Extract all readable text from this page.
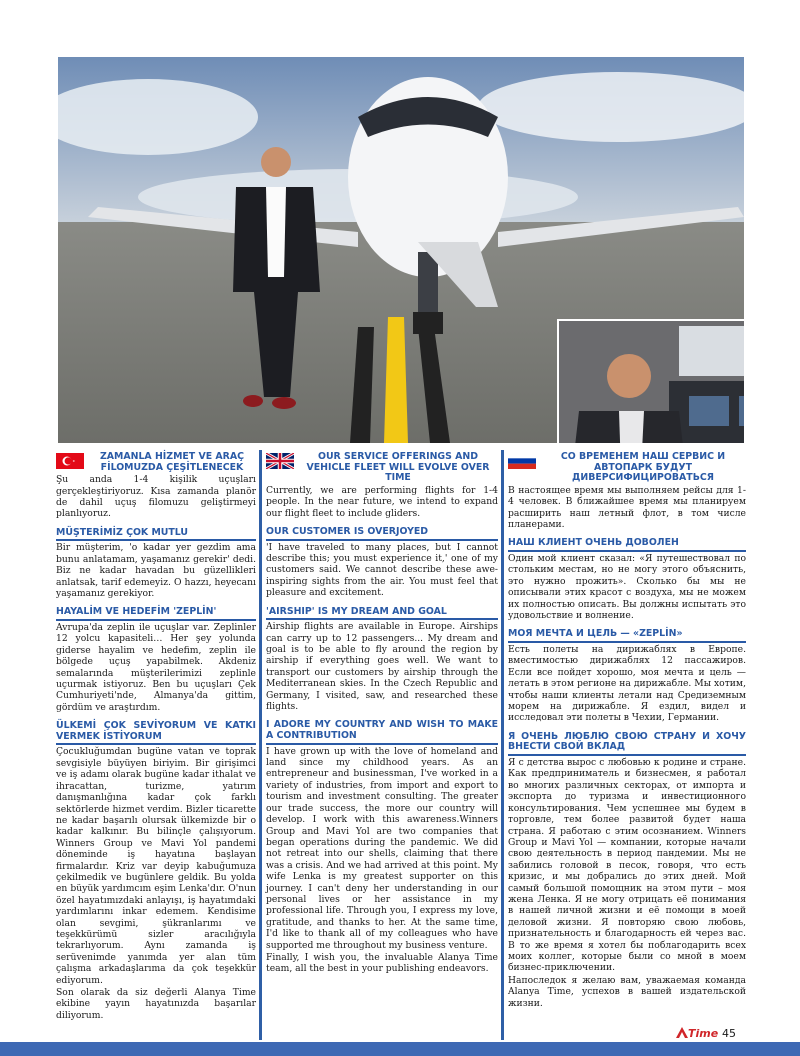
ZAMANLA HİZMET VE ARAÇ FİLOMUZDA ÇEŞİTLENECEK

Şu anda 1-4 kişilik uçuşları gerçekleştiriyoruz. Kısa zamanda planör de dahil uçuş filomuzu geliştirmeyi planlıyoruz.

MÜŞTERİMİZ ÇOK MUTLU

Bir müşterim, 'o kadar yer gezdim ama bunu anlatamam, yaşamanız gerekir' dedi. Biz ne kadar havadan bu güzellikleri anlatsak, tarif edemeyiz. O hazzı, heyecanı yaşamanız gerekiyor.

HAYALİM VE HEDEFİM 'ZEPLİN'

Avrupa'da zeplin ile uçuşlar var. Zeplinler 12 yolcu kapasiteli… Her şey yolunda giderse hayalim ve hedefim, zeplin ile bölgede uçuş yapabilmek. Akdeniz semalarında müşterilerimizi zeplinle uçurmak istiyoruz. Ben bu uçuşları Çek Cumhuriyeti'nde, Almanya'da gittim, gördüm ve araştırdım.

ÜLKEMİ ÇOK SEVİYORUM VE KATKI VERMEK İSTİYORUM

Çocukluğumdan bugüne vatan ve toprak sevgisiyle büyüyen biriyim. Bir girişimci ve iş adamı olarak bugüne kadar ithalat ve ihracattan, turizme, yatırım danışmanlığına kadar çok farklı sektörlerde hizmet verdim. Bizler ticarette ne kadar başarılı olursak ülkemizde bir o kadar kalkınır. Bu bilinçle çalışıyorum. Winners Group ve Mavi Yol pandemi döneminde iş hayatına başlayan firmalardır. Kriz var deyip kabuğumuza çekilmedik ve bugünlere geldik. Bu yolda en büyük yardımcım eşim Lenka'dır. O'nun özel hayatımızdaki anlayışı, iş hayatımdaki yardımlarını inkar edemem. Kendisime olan sevgimi, şükranlarımı ve teşekkürümü sizler aracılığıyla tekrarlıyorum. Aynı zamanda iş serüvenimde yanımda yer alan tüm çalışma arkadaşlarıma da çok teşekkür ediyorum.

Son olarak da siz değerli Alanya Time ekibine yayın hayatınızda başarılar diliyorum.

OUR SERVICE OFFERINGS AND VEHICLE FLEET WILL EVOLVE OVER TIME

Currently, we are performing flights for 1-4 people. In the near future, we intend to expand our flight fleet to include gliders.

OUR CUSTOMER IS OVERJOYED

'I have traveled to many places, but I cannot describe this; you must experience it,' one of my customers said. We cannot describe these awe-inspiring sights from the air. You must feel that pleasure and excitement.

'AIRSHIP' IS MY DREAM AND GOAL

Airship flights are available in Europe. Airships can carry up to 12 passengers... My dream and goal is to be able to fly around the region by airship if everything goes well. We want to transport our customers by airship through the Mediterranean skies. In the Czech Republic and Germany, I visited, saw, and researched these flights.

I ADORE MY COUNTRY AND WISH TO MAKE A CONTRIBUTION

I have grown up with the love of homeland and land since my childhood years. As an entrepreneur and businessman, I've worked in a variety of industries, from import and export to tourism and investment consulting. The greater our trade success, the more our country will develop. I work with this awareness.Winners Group and Mavi Yol are two companies that began operations during the pandemic. We did not retreat into our shells, claiming that there was a crisis. And we had arrived at this point. My wife Lenka is my greatest supporter on this journey. I can't deny her understanding in our personal lives or her assistance in my professional life. Through you, I express my love, gratitude, and thanks to her. At the same time, I'd like to thank all of my colleagues who have supported me throughout my business venture.

Finally, I wish you, the invaluable Alanya Time team, all the best in your publishing endeavors.

СО ВРЕМЕНЕМ НАШ СЕРВИС И АВТОПАРК БУДУТ ДИВЕРСИФИЦИРОВАТЬСЯ

В настоящее время мы выполняем рейсы для 1-4 человек. В ближайшее время мы планируем расширить наш летный флот, в том числе планерами.

НАШ КЛИЕНТ ОЧЕНЬ ДОВОЛЕН

Один мой клиент сказал: «Я путешествовал по стольким местам, но не могу этого объяснить, это нужно прожить». Сколько бы мы не описывали этих красот с воздуха, мы не можем их полностью описать. Вы должны испытать это удовольствие и волнение.

МОЯ МЕЧТА И ЦЕЛЬ — «ZEPLİN»

Есть полеты на дирижаблях в Европе. вместимостью дирижаблях 12 пассажиров. Если все пойдет хорошо, моя мечта и цель — летать в этом регионе на дирижабле. Мы хотим, чтобы наши клиенты летали над Средиземным морем на дирижабле. Я ездил, видел и исследовал эти полеты в Чехии, Германии.

Я ОЧЕНЬ ЛЮБЛЮ СВОЮ СТРАНУ И ХОЧУ ВНЕСТИ СВОЙ ВКЛАД

Я с детства вырос с любовью к родине и стране. Как предприниматель и бизнесмен, я работал во многих различных секторах, от импорта и экспорта до туризма и инвестиционного консультирования. Чем успешнее мы будем в торговле, тем более развитой будет наша страна. Я работаю с этим осознанием. Winners Group и Mavi Yol — компании, которые начали свою деятельность в период пандемии. Мы не забились головой в песок, говоря, что есть кризис, и мы добрались до этих дней. Мой самый большой помощник на этом пути – моя жена Ленка. Я не могу отрицать её понимания в нашей личной жизни и её помощи в моей деловой жизни. Я повторяю свою любовь, признательность и благодарность ей через вас. В то же время я хотел бы поблагодарить всех моих коллег, которые были со мной в моем бизнес-приключении.

Напоследок я желаю вам, уважаемая команда Alanya Time, успехов в вашей издательской жизни.

Time 45
